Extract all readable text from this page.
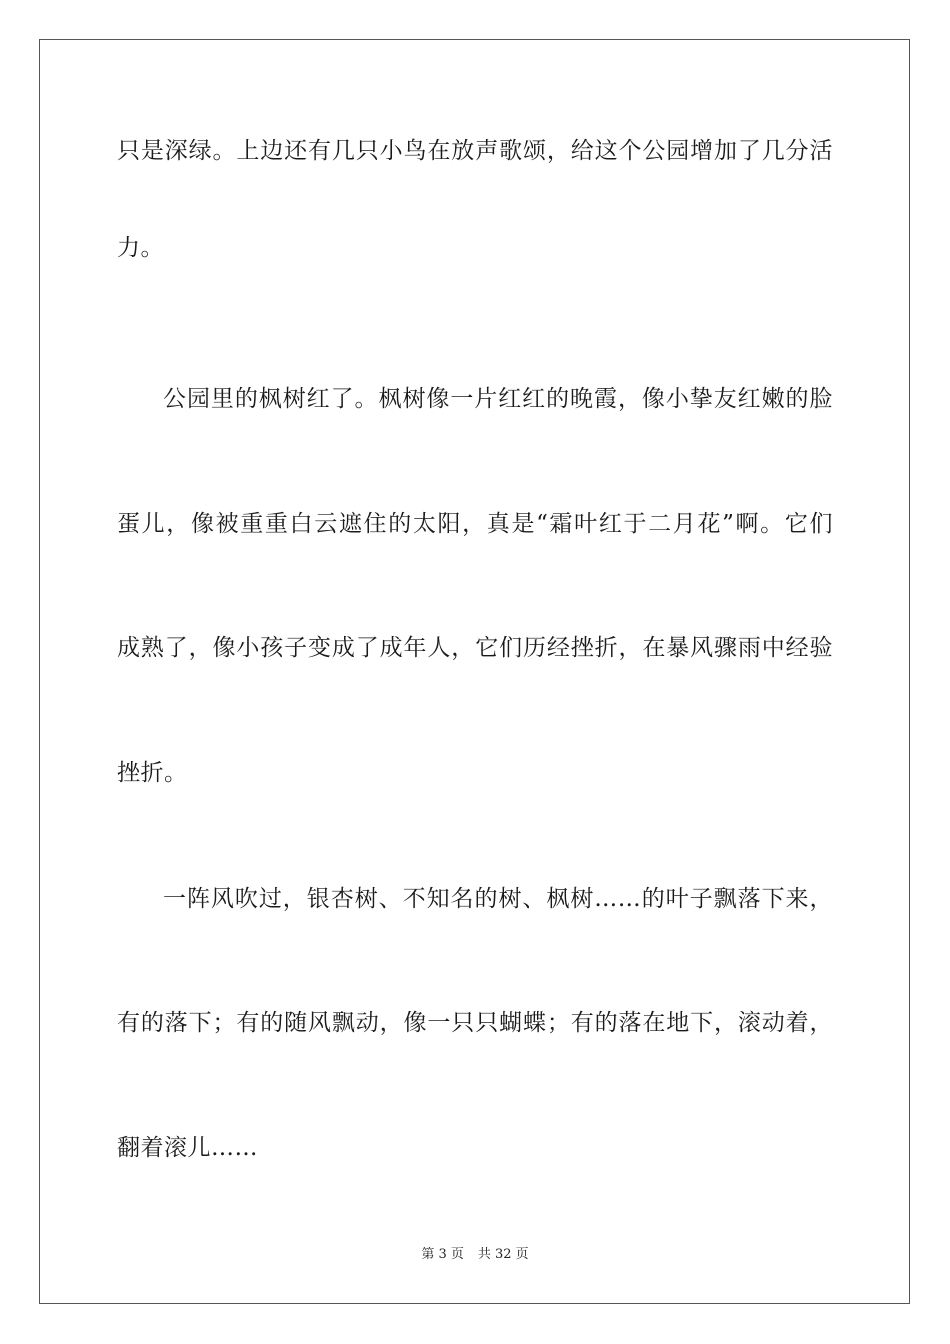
只是深绿。上边还有几只小鸟在放声歌颂，给这个公园增加了几分活
力。
公园里的枫树红了。枫树像一片红红的晚霞，像小挚友红嫩的脸
蛋儿，像被重重白云遮住的太阳，真是“霜叶红于二月花”啊。它们
成熟了，像小孩子变成了成年人，它们历经挫折，在暴风骤雨中经验
挫折。
一阵风吹过，银杏树、不知名的树、枫树……的叶子飘落下来，
有的落下；有的随风飘动，像一只只蝴蝶；有的落在地下，滚动着，
翻着滚儿……
第 3 页 共 32 页
